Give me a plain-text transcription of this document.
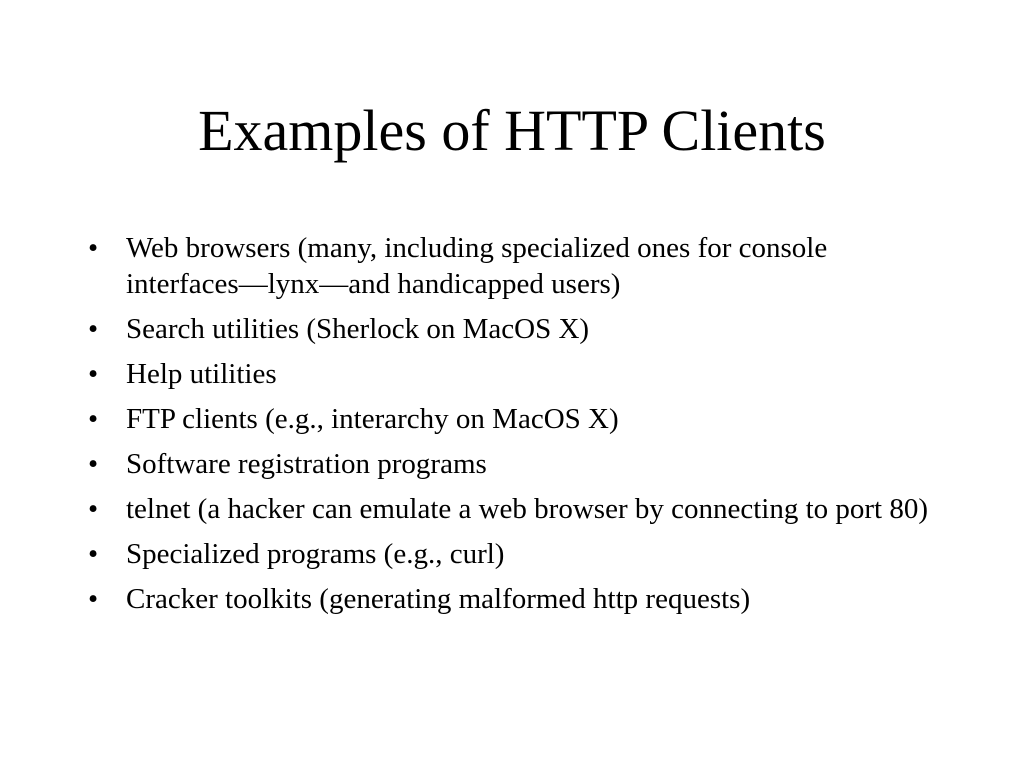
Examples of HTTP Clients
• Web browsers (many, including specialized ones for console interfaces—lynx—and handicapped users)
• Search utilities (Sherlock on MacOS X)
• Help utilities
• FTP clients (e.g., interarchy on MacOS X)
• Software registration programs
• telnet (a hacker can emulate a web browser by connecting to port 80)
• Specialized programs (e.g., curl)
• Cracker toolkits (generating malformed http requests)
